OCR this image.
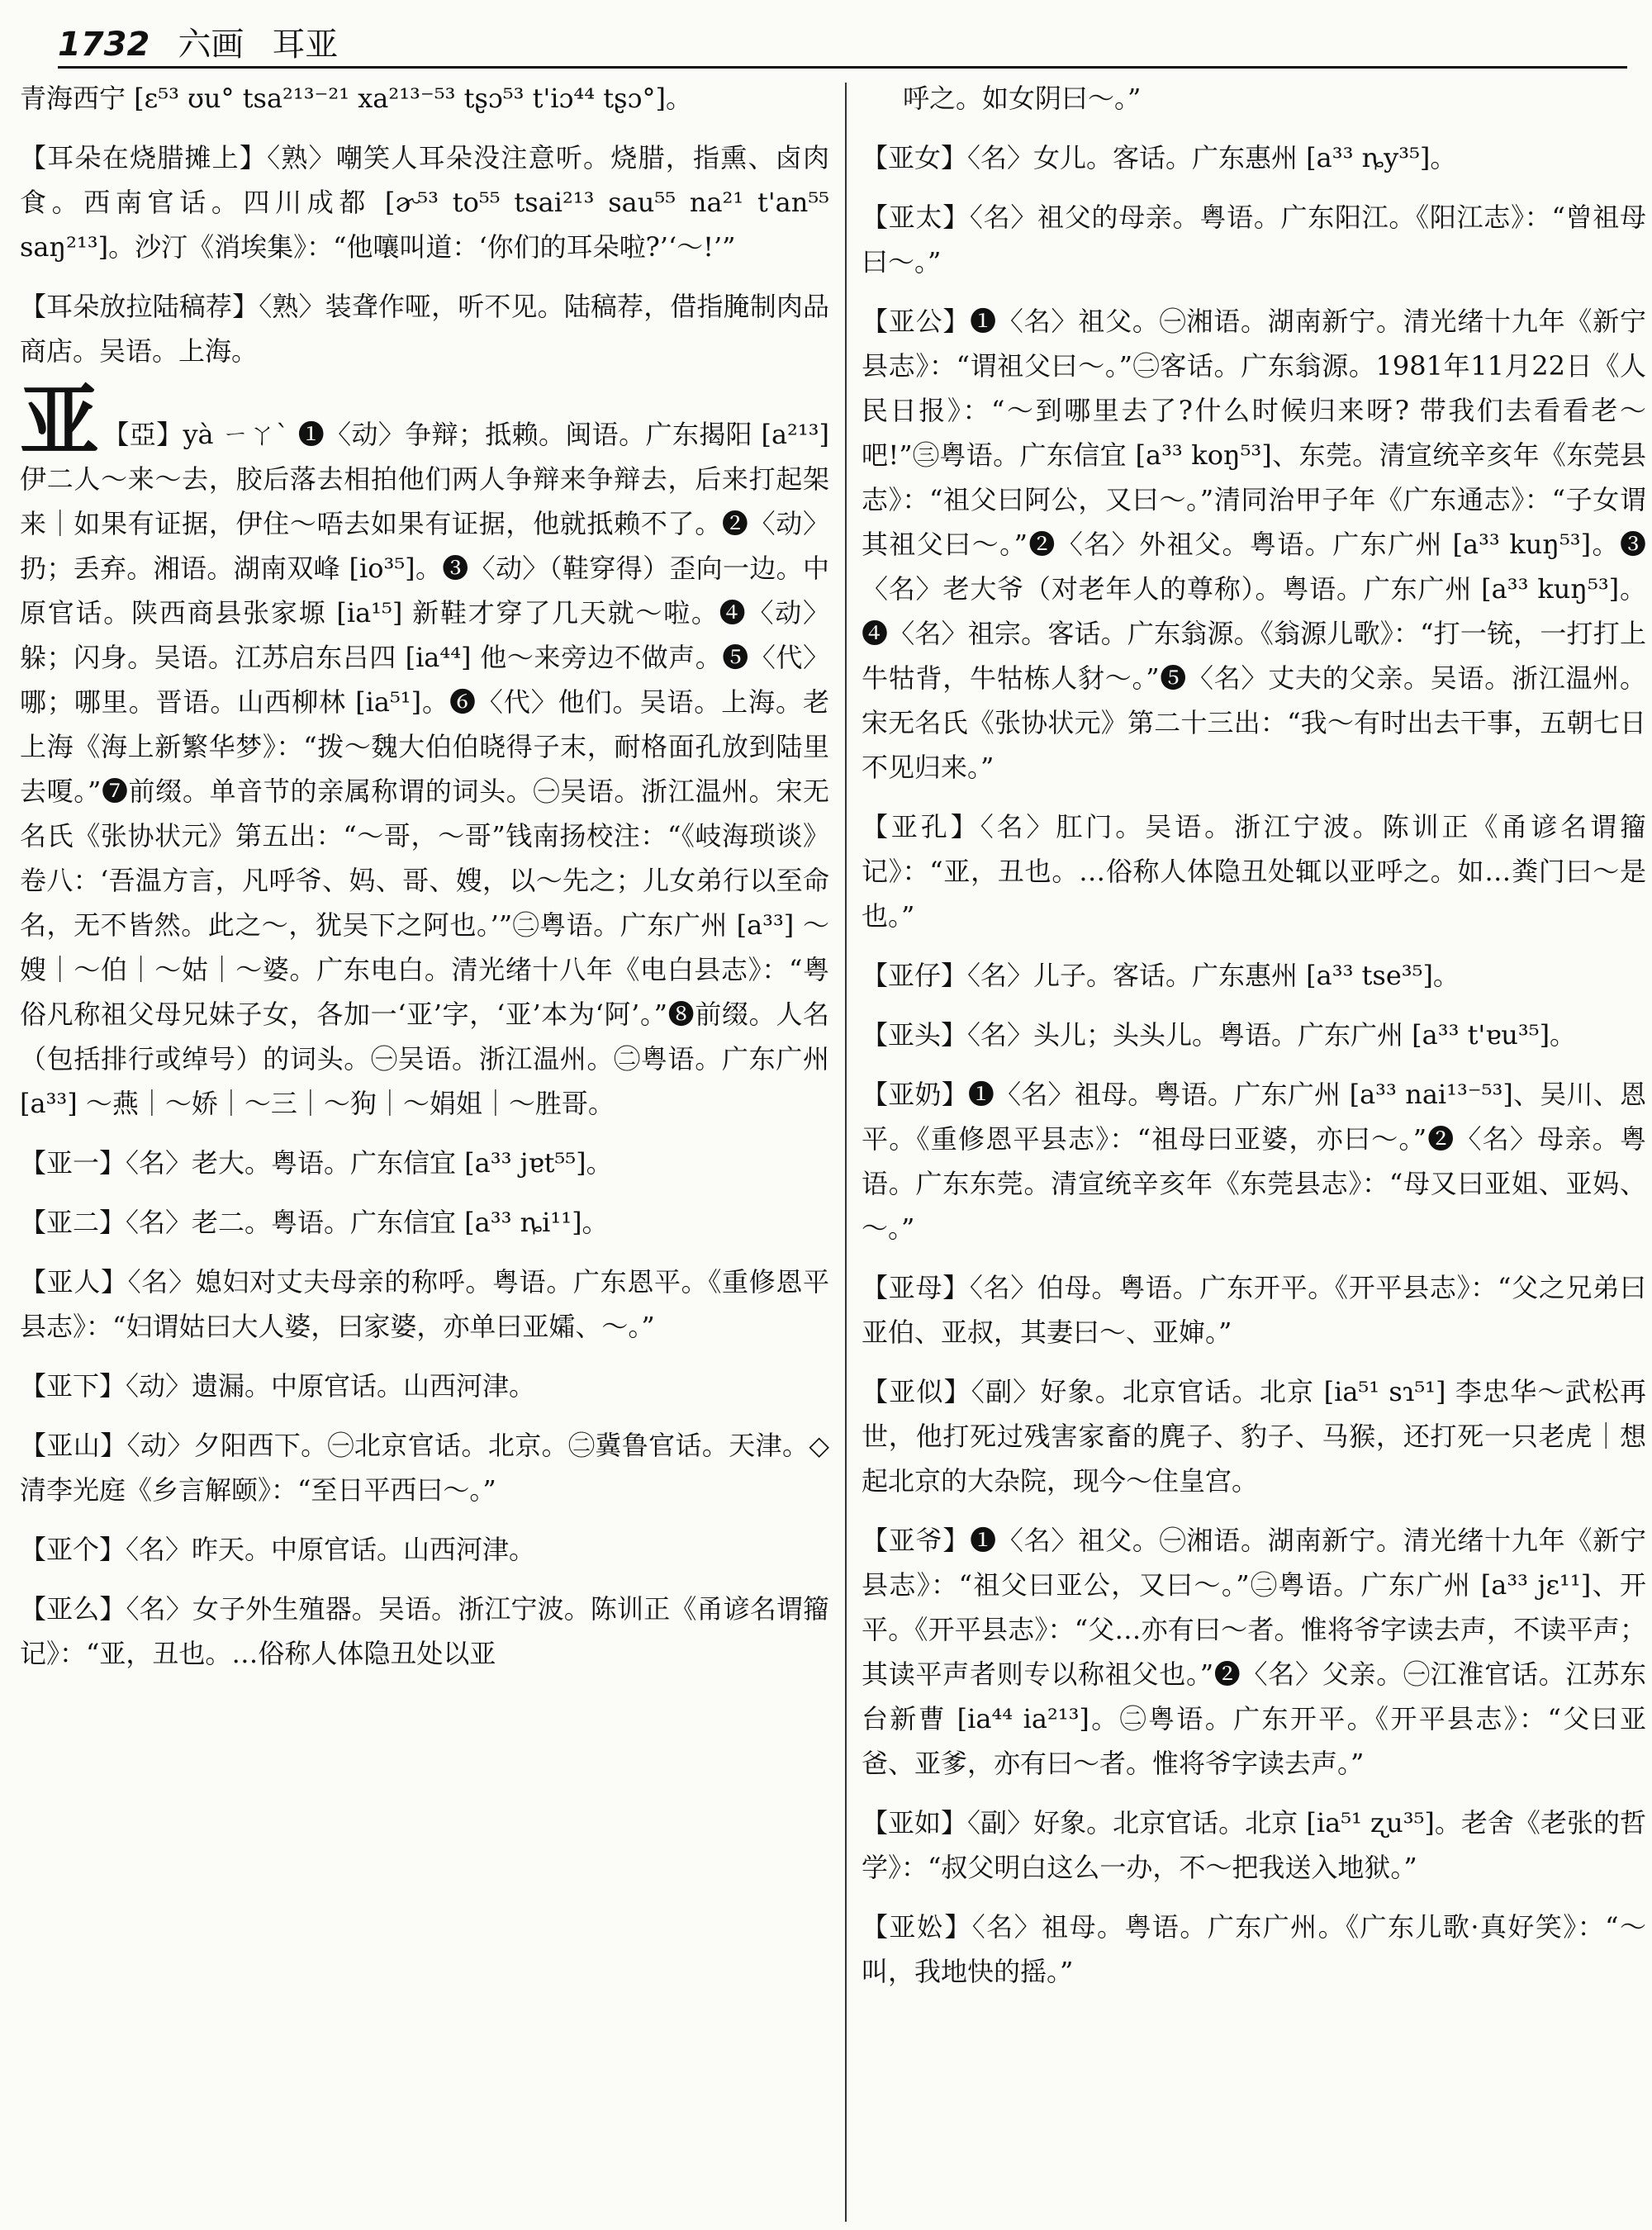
1732 六画 耳亚

青海西宁 [ɛ⁵³ ʊu° tsa²¹³⁻²¹ xa²¹³⁻⁵³ tʂɔ⁵³ t'iɔ⁴⁴ tʂɔ°]。

【耳朵在烧腊摊上】〈熟〉嘲笑人耳朵没注意听。烧腊，指熏、卤肉食。西南官话。四川成都 [ɚ⁵³ to⁵⁵ tsai²¹³ sau⁵⁵ na²¹ t'an⁵⁵ saŋ²¹³]。沙汀《消埃集》：“他嚷叫道：‘你们的耳朵啦?’‘～!’”

【耳朵放拉陆稿荐】〈熟〉装聋作哑，听不见。陆稿荐，借指腌制肉品商店。吴语。上海。

亚 【亞】yà ㄧㄚˋ ❶〈动〉争辩；抵赖。闽语。广东揭阳 [a²¹³] 伊二人～来～去，胶后落去相拍他们两人争辩来争辩去，后来打起架来｜如果有证据，伊住～唔去如果有证据，他就抵赖不了。❷〈动〉扔；丢弃。湘语。湖南双峰 [io³⁵]。❸〈动〉（鞋穿得）歪向一边。中原官话。陕西商县张家塬 [ia¹⁵] 新鞋才穿了几天就～啦。❹〈动〉躲；闪身。吴语。江苏启东吕四 [ia⁴⁴] 他～来旁边不做声。❺〈代〉哪；哪里。晋语。山西柳林 [ia⁵¹]。❻〈代〉他们。吴语。上海。老上海《海上新繁华梦》：“拨～魏大伯伯晓得子末，耐格面孔放到陆里去嗄。”❼前缀。单音节的亲属称谓的词头。㊀吴语。浙江温州。宋无名氏《张协状元》第五出：“～哥，～哥”钱南扬校注：“《岐海琐谈》卷八：‘吾温方言，凡呼爷、妈、哥、嫂，以～先之；儿女弟行以至命名，无不皆然。此之～，犹吴下之阿也。’”㊁粤语。广东广州 [a³³] ～嫂｜～伯｜～姑｜～婆。广东电白。清光绪十八年《电白县志》：“粤俗凡称祖父母兄妹子女，各加一‘亚’字，‘亚’本为‘阿’。”❽前缀。人名（包括排行或绰号）的词头。㊀吴语。浙江温州。㊁粤语。广东广州 [a³³] ～燕｜～娇｜～三｜～狗｜～娟姐｜～胜哥。

【亚一】〈名〉老大。粤语。广东信宜 [a³³ jɐt⁵⁵]。

【亚二】〈名〉老二。粤语。广东信宜 [a³³ ȵi¹¹]。

【亚人】〈名〉媳妇对丈夫母亲的称呼。粤语。广东恩平。《重修恩平县志》：“妇谓姑曰大人婆，曰家婆，亦单曰亚孀、～。”

【亚下】〈动〉遗漏。中原官话。山西河津。

【亚山】〈动〉夕阳西下。㊀北京官话。北京。㊁冀鲁官话。天津。◇清李光庭《乡言解颐》：“至日平西曰～。”

【亚个】〈名〉昨天。中原官话。山西河津。

【亚么】〈名〉女子外生殖器。吴语。浙江宁波。陈训正《甬谚名谓籀记》：“亚，丑也。…俗称人体隐丑处以亚

呼之。如女阴曰～。”

【亚女】〈名〉女儿。客话。广东惠州 [a³³ ȵy³⁵]。

【亚太】〈名〉祖父的母亲。粤语。广东阳江。《阳江志》：“曾祖母曰～。”

【亚公】❶〈名〉祖父。㊀湘语。湖南新宁。清光绪十九年《新宁县志》：“谓祖父曰～。”㊁客话。广东翁源。1981年11月22日《人民日报》：“～到哪里去了?什么时候归来呀? 带我们去看看老～吧!”㊂粤语。广东信宜 [a³³ koŋ⁵³]、东莞。清宣统辛亥年《东莞县志》：“祖父曰阿公，又曰～。”清同治甲子年《广东通志》：“子女谓其祖父曰～。”❷〈名〉外祖父。粤语。广东广州 [a³³ kuŋ⁵³]。❸〈名〉老大爷（对老年人的尊称）。粤语。广东广州 [a³³ kuŋ⁵³]。❹〈名〉祖宗。客话。广东翁源。《翁源儿歌》：“打一铳，一打打上牛牯背，牛牯栋人豺～。”❺〈名〉丈夫的父亲。吴语。浙江温州。宋无名氏《张协状元》第二十三出：“我～有时出去干事，五朝七日不见归来。”

【亚孔】〈名〉肛门。吴语。浙江宁波。陈训正《甬谚名谓籀记》：“亚，丑也。…俗称人体隐丑处辄以亚呼之。如…粪门曰～是也。”

【亚仔】〈名〉儿子。客话。广东惠州 [a³³ tse³⁵]。

【亚头】〈名〉头儿；头头儿。粤语。广东广州 [a³³ t'ɐu³⁵]。

【亚奶】❶〈名〉祖母。粤语。广东广州 [a³³ nai¹³⁻⁵³]、吴川、恩平。《重修恩平县志》：“祖母曰亚婆，亦曰～。”❷〈名〉母亲。粤语。广东东莞。清宣统辛亥年《东莞县志》：“母又曰亚姐、亚妈、～。”

【亚母】〈名〉伯母。粤语。广东开平。《开平县志》：“父之兄弟曰亚伯、亚叔，其妻曰～、亚婶。”

【亚似】〈副〉好象。北京官话。北京 [ia⁵¹ sɿ⁵¹] 李忠华～武松再世，他打死过残害家畜的麂子、豹子、马猴，还打死一只老虎｜想起北京的大杂院，现今～住皇宫。

【亚爷】❶〈名〉祖父。㊀湘语。湖南新宁。清光绪十九年《新宁县志》：“祖父曰亚公，又曰～。”㊁粤语。广东广州 [a³³ jɛ¹¹]、开平。《开平县志》：“父…亦有曰～者。惟将爷字读去声，不读平声；其读平声者则专以称祖父也。”❷〈名〉父亲。㊀江淮官话。江苏东台新曹 [ia⁴⁴ ia²¹³]。㊁粤语。广东开平。《开平县志》：“父曰亚爸、亚爹，亦有曰～者。惟将爷字读去声。”

【亚如】〈副〉好象。北京官话。北京 [ia⁵¹ ʐu³⁵]。老舍《老张的哲学》：“叔父明白这么一办，不～把我送入地狱。”

【亚妐】〈名〉祖母。粤语。广东广州。《广东儿歌·真好笑》：“～叫，我地快的摇。”
